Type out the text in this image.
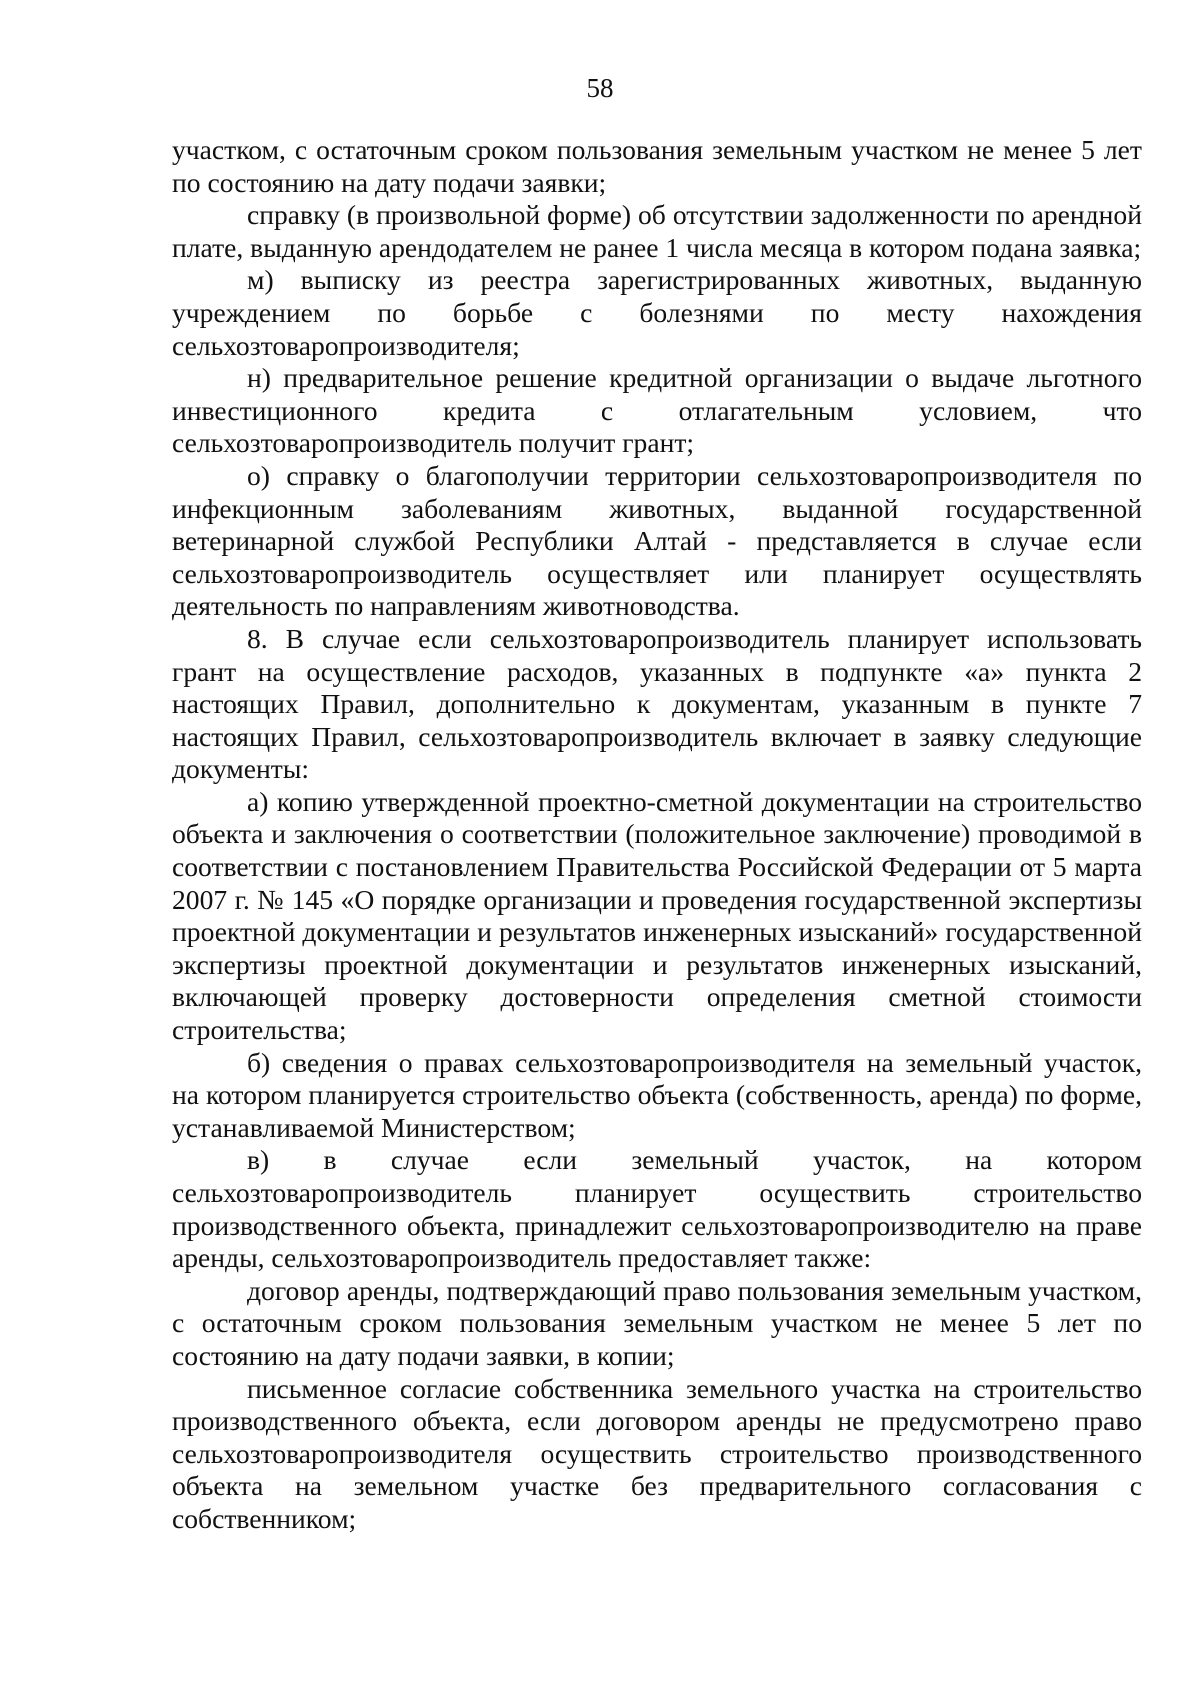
58

участком, с остаточным сроком пользования земельным участком не менее 5 лет по состоянию на дату подачи заявки;

справку (в произвольной форме) об отсутствии задолженности по арендной плате, выданную арендодателем не ранее 1 числа месяца в котором подана заявка;

м) выписку из реестра зарегистрированных животных, выданную учреждением по борьбе с болезнями по месту нахождения сельхозтоваропроизводителя;

н) предварительное решение кредитной организации о выдаче льготного инвестиционного кредита с отлагательным условием, что сельхозтоваропроизводитель получит грант;

о) справку о благополучии территории сельхозтоваропроизводителя по инфекционным заболеваниям животных, выданной государственной ветеринарной службой Республики Алтай - представляется в случае если сельхозтоваропроизводитель осуществляет или планирует осуществлять деятельность по направлениям животноводства.

8. В случае если сельхозтоваропроизводитель планирует использовать грант на осуществление расходов, указанных в подпункте «а» пункта 2 настоящих Правил, дополнительно к документам, указанным в пункте 7 настоящих Правил, сельхозтоваропроизводитель включает в заявку следующие документы:

а) копию утвержденной проектно-сметной документации на строительство объекта и заключения о соответствии (положительное заключение) проводимой в соответствии с постановлением Правительства Российской Федерации от 5 марта 2007 г. № 145 «О порядке организации и проведения государственной экспертизы проектной документации и результатов инженерных изысканий» государственной экспертизы проектной документации и результатов инженерных изысканий, включающей проверку достоверности определения сметной стоимости строительства;

б) сведения о правах сельхозтоваропроизводителя на земельный участок, на котором планируется строительство объекта (собственность, аренда) по форме, устанавливаемой Министерством;

в) в случае если земельный участок, на котором сельхозтоваропроизводитель планирует осуществить строительство производственного объекта, принадлежит сельхозтоваропроизводителю на праве аренды, сельхозтоваропроизводитель предоставляет также:

договор аренды, подтверждающий право пользования земельным участком, с остаточным сроком пользования земельным участком не менее 5 лет по состоянию на дату подачи заявки, в копии;

письменное согласие собственника земельного участка на строительство производственного объекта, если договором аренды не предусмотрено право сельхозтоваропроизводителя осуществить строительство производственного объекта на земельном участке без предварительного согласования с собственником;
